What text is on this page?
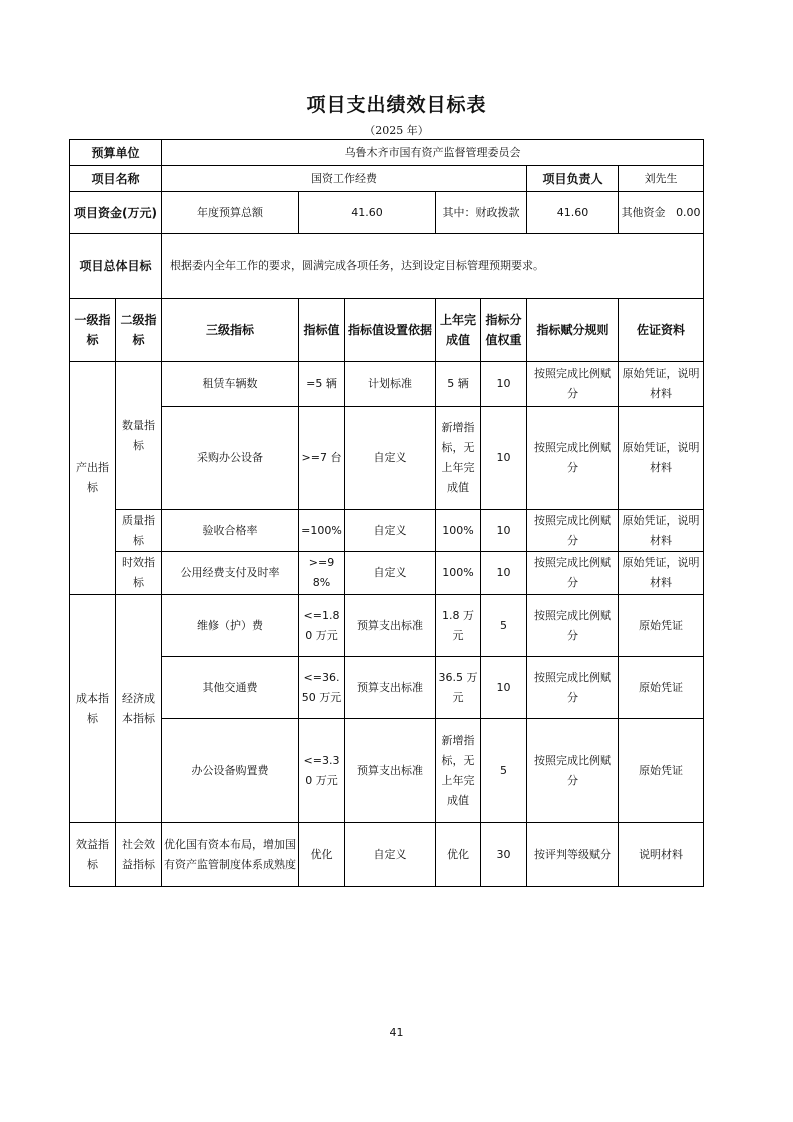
项目支出绩效目标表
（2025 年）
预算单位		乌鲁木齐市国有资产监督管理委员会						
项目名称		国资工作经费					项目负责人	刘先生
项目资金(万元)		年度预算总额	41.60		其中：财政拨款		41.60	其他资金 0.00
项目总体目标		根据委内全年工作的要求，圆满完成各项任务，达到设定目标管理预期要求。						
一级指标	二级指标	三级指标	指标值	指标值设置依据	上年完成值	指标分值权重	指标赋分规则	佐证资料
产出指标	数量指标	租赁车辆数	=5 辆	计划标准	5 辆	10	按照完成比例赋分	原始凭证，说明材料
		采购办公设备	>=7 台	自定义	新增指标，无上年完成值	10	按照完成比例赋分	原始凭证，说明材料
	质量指标	验收合格率	=100%	自定义	100%	10	按照完成比例赋分	原始凭证，说明材料
	时效指标	公用经费支付及时率	>=98%	自定义	100%	10	按照完成比例赋分	原始凭证，说明材料
成本指标	经济成本指标	维修（护）费	<=1.80 万元	预算支出标准	1.8 万元	5	按照完成比例赋分	原始凭证
		其他交通费	<=36.50 万元	预算支出标准	36.5 万元	10	按照完成比例赋分	原始凭证
		办公设备购置费	<=3.30 万元	预算支出标准	新增指标，无上年完成值	5	按照完成比例赋分	原始凭证
效益指标	社会效益指标	优化国有资本布局，增加国有资产监管制度体系成熟度	优化	自定义	优化	30	按评判等级赋分	说明材料
41
